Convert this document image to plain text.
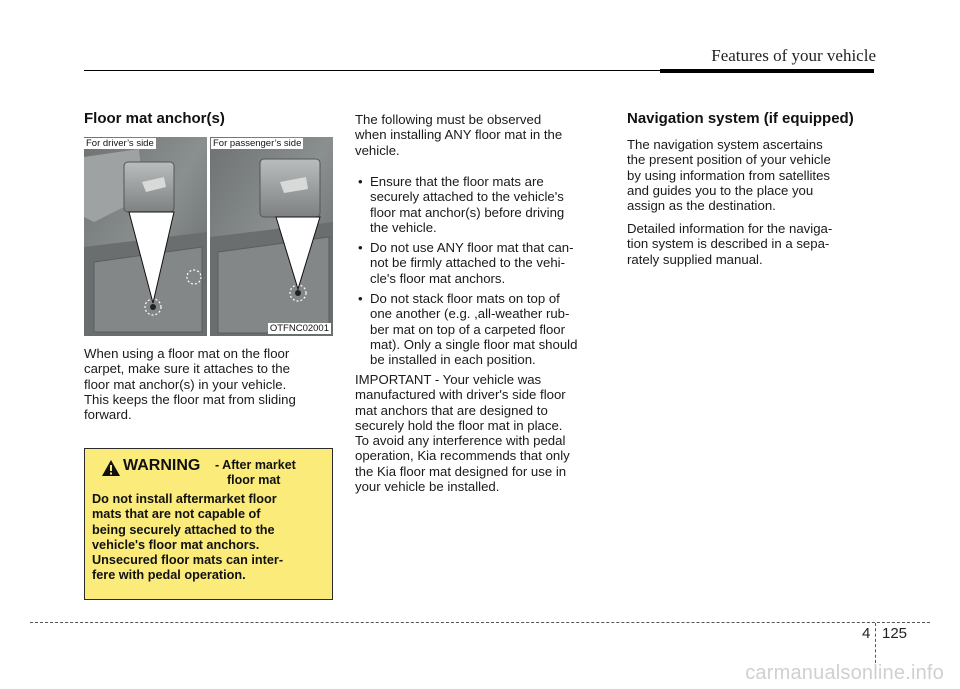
Features of your vehicle
Floor mat anchor(s)
For driver’s side	For passenger’s side
OTFNC02001
When using a floor mat on the floor
carpet, make sure it attaches to the
floor mat anchor(s) in your vehicle.
This keeps the floor mat from sliding
forward.
WARNING - After market
floor mat
Do not install aftermarket floor
mats that are not capable of
being securely attached to the
vehicle's floor mat anchors.
Unsecured floor mats can inter-
fere with pedal operation.
The following must be observed
when installing ANY floor mat in the
vehicle.
• Ensure that the floor mats are
securely attached to the vehicle's
floor mat anchor(s) before driving
the vehicle.
• Do not use ANY floor mat that can-
not be firmly attached to the vehi-
cle's floor mat anchors.
• Do not stack floor mats on top of
one another (e.g. ,all-weather rub-
ber mat on top of a carpeted floor
mat). Only a single floor mat should
be installed in each position.
IMPORTANT - Your vehicle was
manufactured with driver's side floor
mat anchors that are designed to
securely hold the floor mat in place.
To avoid any interference with pedal
operation, Kia recommends that only
the Kia floor mat designed for use in
your vehicle be installed.
Navigation system (if equipped)
The navigation system ascertains
the present position of your vehicle
by using information from satellites
and guides you to the place you
assign as the destination.
Detailed information for the naviga-
tion system is described in a sepa-
rately supplied manual.
4 125
carmanualsonline.info
